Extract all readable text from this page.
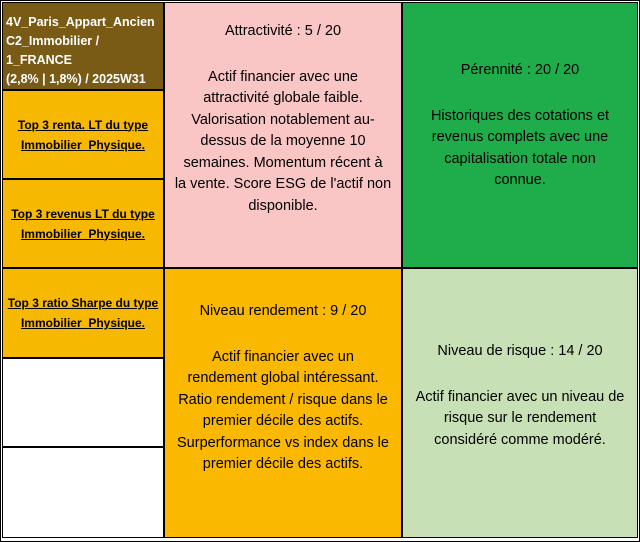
4V_Paris_Appart_Ancien
C2_Immobilier / 1_FRANCE
(2,8% | 1,8%) / 2025W31
Top 3 renta. LT du type
Immobilier_Physique.
Top 3 revenus LT du type
Immobilier_Physique.
Top 3 ratio Sharpe du type
Immobilier_Physique.
Attractivité : 5 / 20
Actif financier avec une
attractivité globale faible.
Valorisation notablement au-
dessus de la moyenne 10
semaines. Momentum récent à
la vente. Score ESG de l'actif non
disponible.
Pérennité : 20 / 20
Historiques des cotations et
revenus complets avec une
capitalisation totale non
connue.
Niveau rendement : 9 / 20
Actif financier avec un
rendement global intéressant.
Ratio rendement / risque dans le
premier décile des actifs.
Surperformance vs index dans le
premier décile des actifs.
Niveau de risque : 14 / 20
Actif financier avec un niveau de
risque sur le rendement
considéré comme modéré.
